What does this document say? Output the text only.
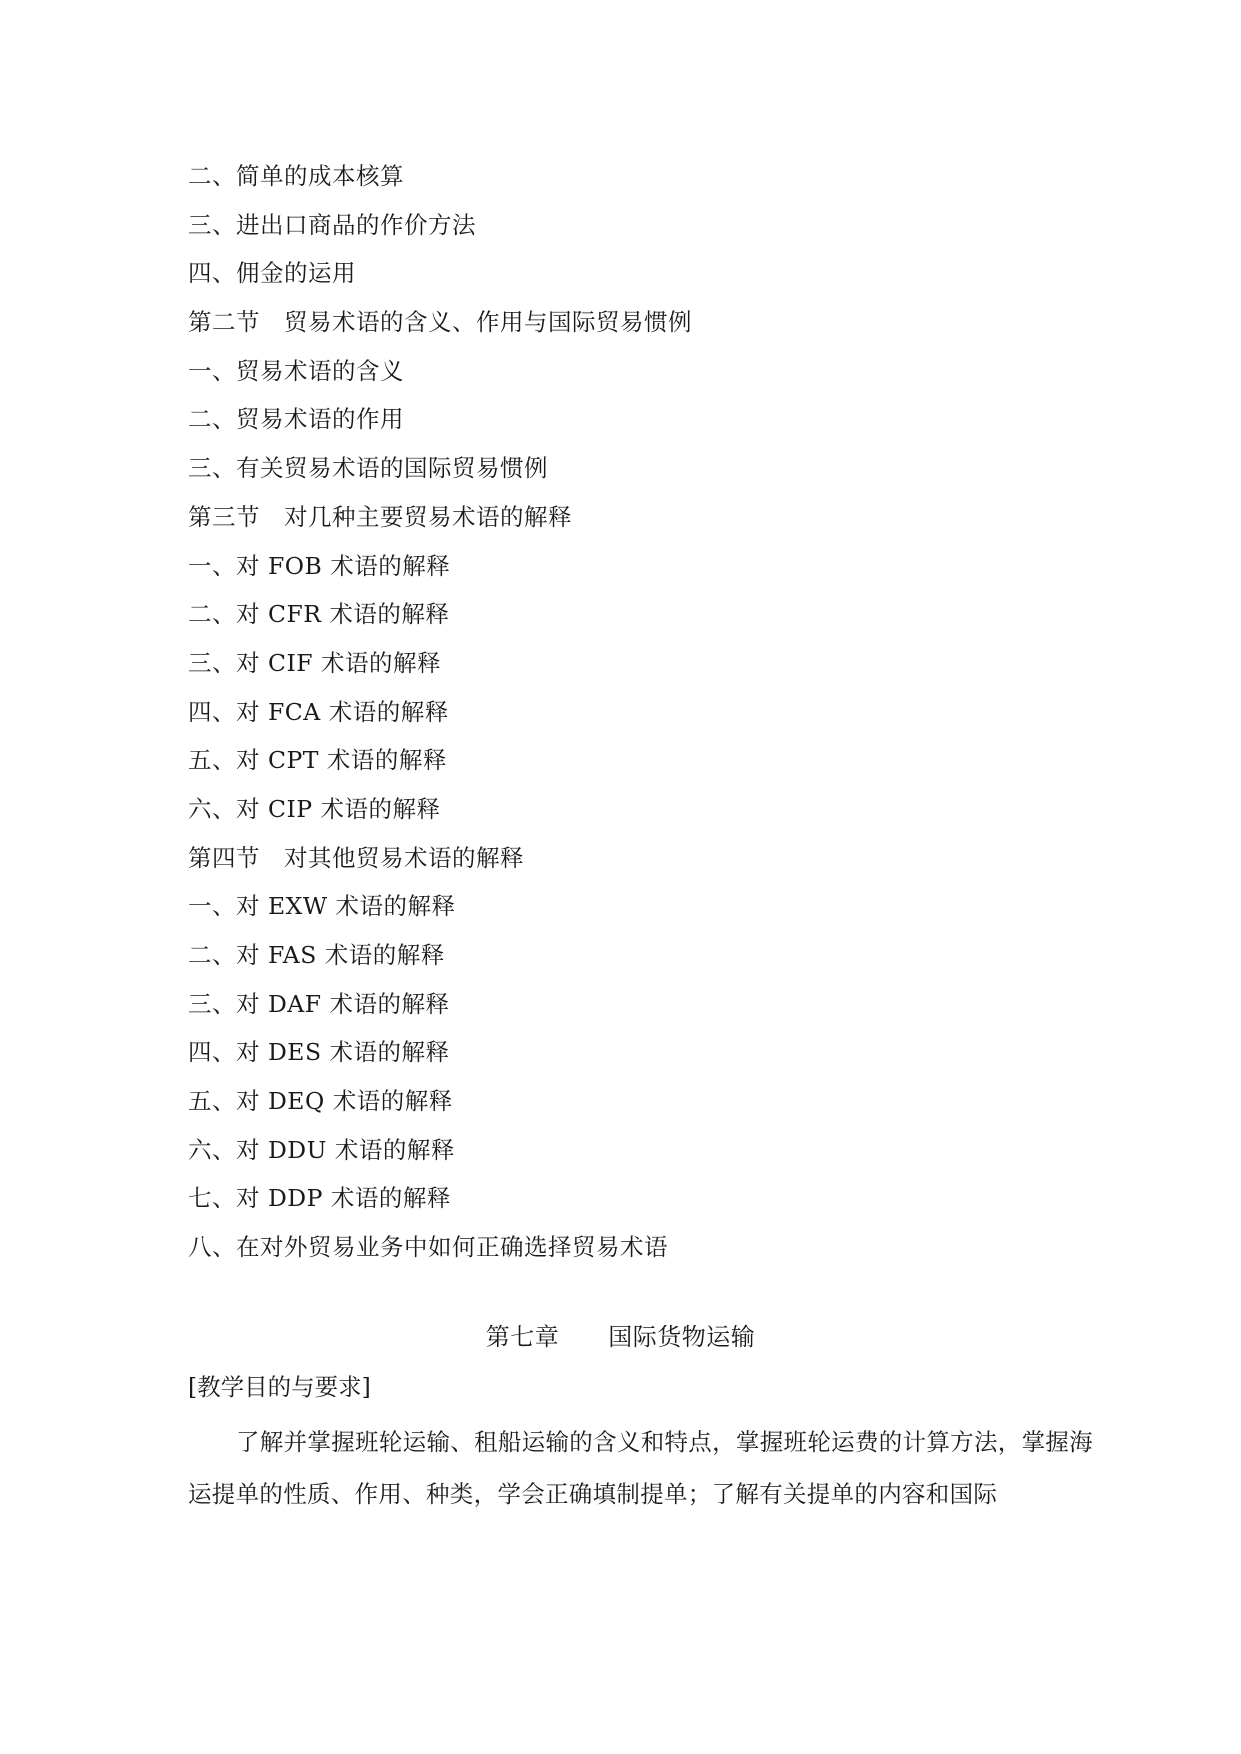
二、简单的成本核算
三、进出口商品的作价方法
四、佣金的运用
第二节　贸易术语的含义、作用与国际贸易惯例
一、贸易术语的含义
二、贸易术语的作用
三、有关贸易术语的国际贸易惯例
第三节　对几种主要贸易术语的解释
一、对 FOB 术语的解释
二、对 CFR 术语的解释
三、对 CIF 术语的解释
四、对 FCA 术语的解释
五、对 CPT 术语的解释
六、对 CIP 术语的解释
第四节　对其他贸易术语的解释
一、对 EXW 术语的解释
二、对 FAS 术语的解释
三、对 DAF 术语的解释
四、对 DES 术语的解释
五、对 DEQ 术语的解释
六、对 DDU 术语的解释
七、对 DDP 术语的解释
八、在对外贸易业务中如何正确选择贸易术语
第七章　　国际货物运输
[教学目的与要求]

了解并掌握班轮运输、租船运输的含义和特点，掌握班轮运费的计算方法，掌握海运提单的性质、作用、种类，学会正确填制提单；了解有关提单的内容和国际
